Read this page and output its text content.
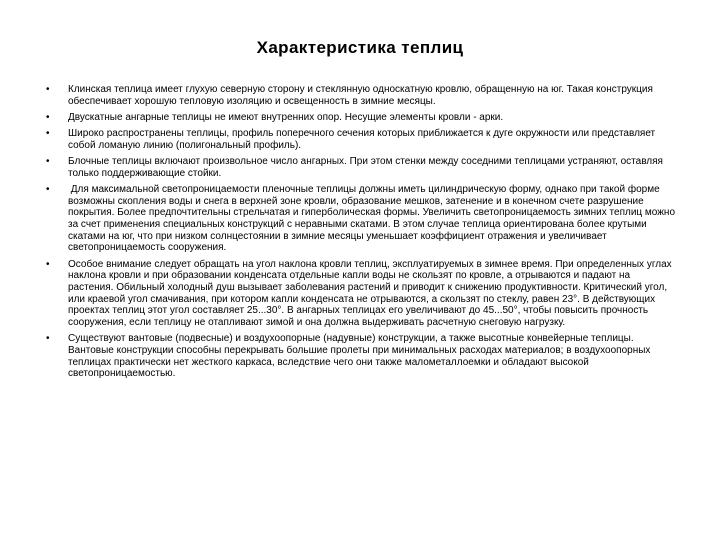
Характеристика теплиц
• Клинская теплица имеет глухую северную сторону и стеклянную односкатную кровлю, обращенную на юг. Такая конструкция обеспечивает хорошую тепловую изоляцию и освещенность в зимние месяцы.
• Двускатные ангарные теплицы не имеют внутренних опор. Несущие элементы кровли - арки.
• Широко распространены теплицы, профиль поперечного сечения которых приближается к дуге окружности или представляет собой ломаную линию (полигональный профиль).
• Блочные теплицы включают произвольное число ангарных. При этом стенки между соседними теплицами устраняют, оставляя только поддерживающие стойки.
• Для максимальной светопроницаемости пленочные теплицы должны иметь цилиндрическую форму, однако при такой форме возможны скопления воды и снега в верхней зоне кровли, образование мешков, затенение и в конечном счете разрушение покрытия. Более предпочтительны стрельчатая и гиперболическая формы. Увеличить светопроницаемость зимних теплиц можно за счет применения специальных конструкций с неравными скатами. В этом случае теплица ориентирована более крутыми скатами на юг, что при низком солнцестоянии в зимние месяцы уменьшает коэффициент отражения и увеличивает светопроницаемость сооружения.
• Особое внимание следует обращать на угол наклона кровли теплиц, эксплуатируемых в зимнее время. При определенных углах наклона кровли и при образовании конденсата отдельные капли воды не скользят по кровле, а отрываются и падают на растения. Обильный холодный душ вызывает заболевания растений и приводит к снижению продуктивности. Критический угол, или краевой угол смачивания, при котором капли конденсата не отрываются, а скользят по стеклу, равен 23°. В действующих проектах теплиц этот угол составляет 25...30°. В ангарных теплицах его увеличивают до 45...50°, чтобы повысить прочность сооружения, если теплицу не отапливают зимой и она должна выдерживать расчетную снеговую нагрузку.
• Существуют вантовые (подвесные) и воздухоопорные (надувные) конструкции, а также высотные конвейерные теплицы. Вантовые конструкции способны перекрывать большие пролеты при минимальных расходах материалов; в воздухоопорных теплицах практически нет жесткого каркаса, вследствие чего они также малометаллоемки и обладают высокой светопроницаемостью.
